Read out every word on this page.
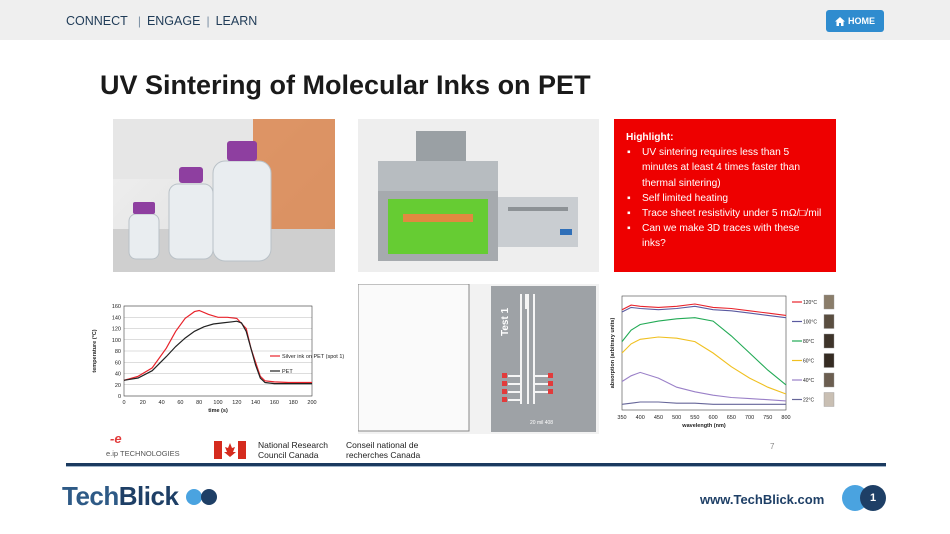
CONNECT | ENGAGE | LEARN	HOME
UV Sintering of Molecular Inks on PET
Highlight:
▪ UV sintering requires less than 5 minutes at least 4 times faster than thermal sintering)
▪ Self limited heating
▪ Trace sheet resistivity under 5 mΩ/□/mil
▪ Can we make 3D traces with these inks?
0
20
40
60
80
100
120
140
160
0	20 40 60 80 100 120 140 160 180 200
time (s)
temperature (°C)	Silver ink on PET (spot 1)
PET
Test 1
20 mil 408
350 400 450 500 550 600 650 700 750 800
wavelength (nm)
absorption (arbitrary units)
120°C
100°C
80°C
60°C
40°C
22°C
-e
e.ip TECHNOLOGIES
National Research
Council Canada
Conseil national de
recherches Canada
7
TechBlick	www.TechBlick.com	1
